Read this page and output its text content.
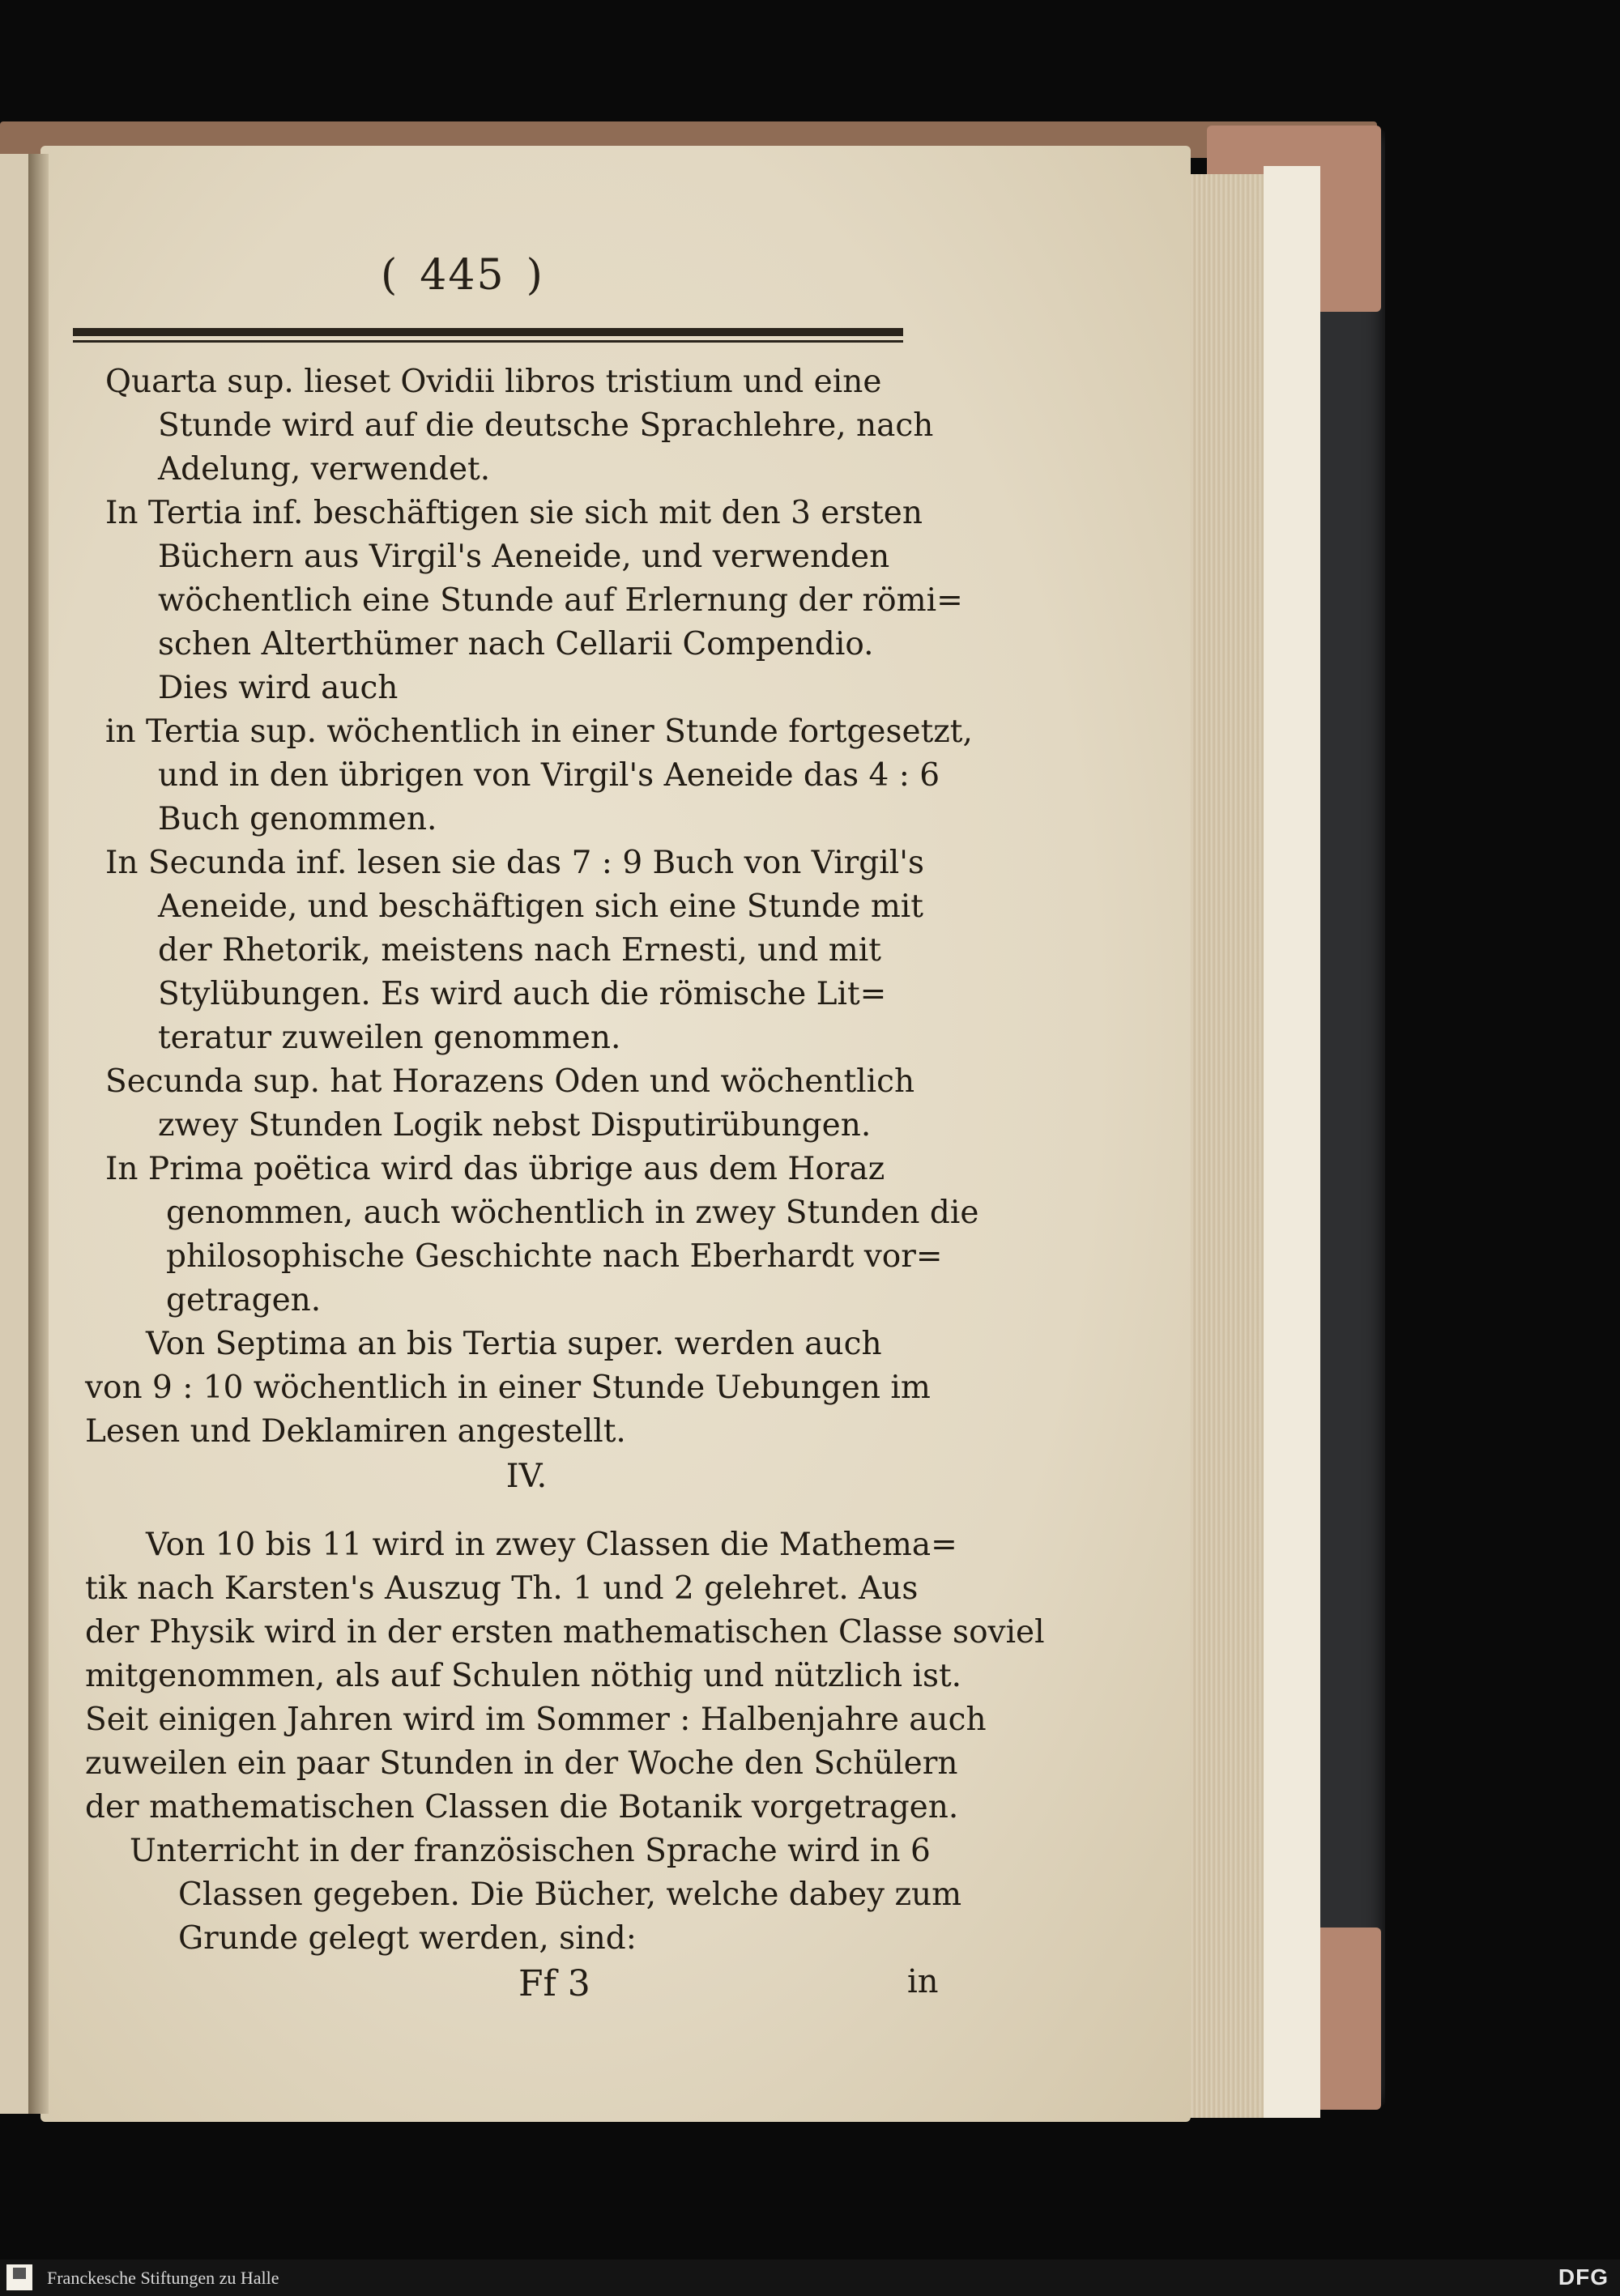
( 445 )
Quarta sup. lieset Ovidii libros tristium und eine
Stunde wird auf die deutsche Sprachlehre, nach
Adelung, verwendet.
In Tertia inf. beschäftigen sie sich mit den 3 ersten
Büchern aus Virgil's Aeneide, und verwenden
wöchentlich eine Stunde auf Erlernung der römi=
schen Alterthümer nach Cellarii Compendio.
Dies wird auch
in Tertia sup. wöchentlich in einer Stunde fortgesetzt,
und in den übrigen von Virgil's Aeneide das 4 : 6
Buch genommen.
In Secunda inf. lesen sie das 7 : 9 Buch von Virgil's
Aeneide, und beschäftigen sich eine Stunde mit
der Rhetorik, meistens nach Ernesti, und mit
Stylübungen. Es wird auch die römische Lit=
teratur zuweilen genommen.
Secunda sup. hat Horazens Oden und wöchentlich
zwey Stunden Logik nebst Disputirübungen.
In Prima poëtica wird das übrige aus dem Horaz
genommen, auch wöchentlich in zwey Stunden die
philosophische Geschichte nach Eberhardt vor=
getragen.
Von Septima an bis Tertia super. werden auch
von 9 : 10 wöchentlich in einer Stunde Uebungen im
Lesen und Deklamiren angestellt.
IV.
Von 10 bis 11 wird in zwey Classen die Mathema=
tik nach Karsten's Auszug Th. 1 und 2 gelehret. Aus
der Physik wird in der ersten mathematischen Classe soviel
mitgenommen, als auf Schulen nöthig und nützlich ist.
Seit einigen Jahren wird im Sommer : Halbenjahre auch
zuweilen ein paar Stunden in der Woche den Schülern
der mathematischen Classen die Botanik vorgetragen.
Unterricht in der französischen Sprache wird in 6
Classen gegeben. Die Bücher, welche dabey zum
Grunde gelegt werden, sind:
Ff 3	in
Franckesche Stiftungen zu Halle	DFG
